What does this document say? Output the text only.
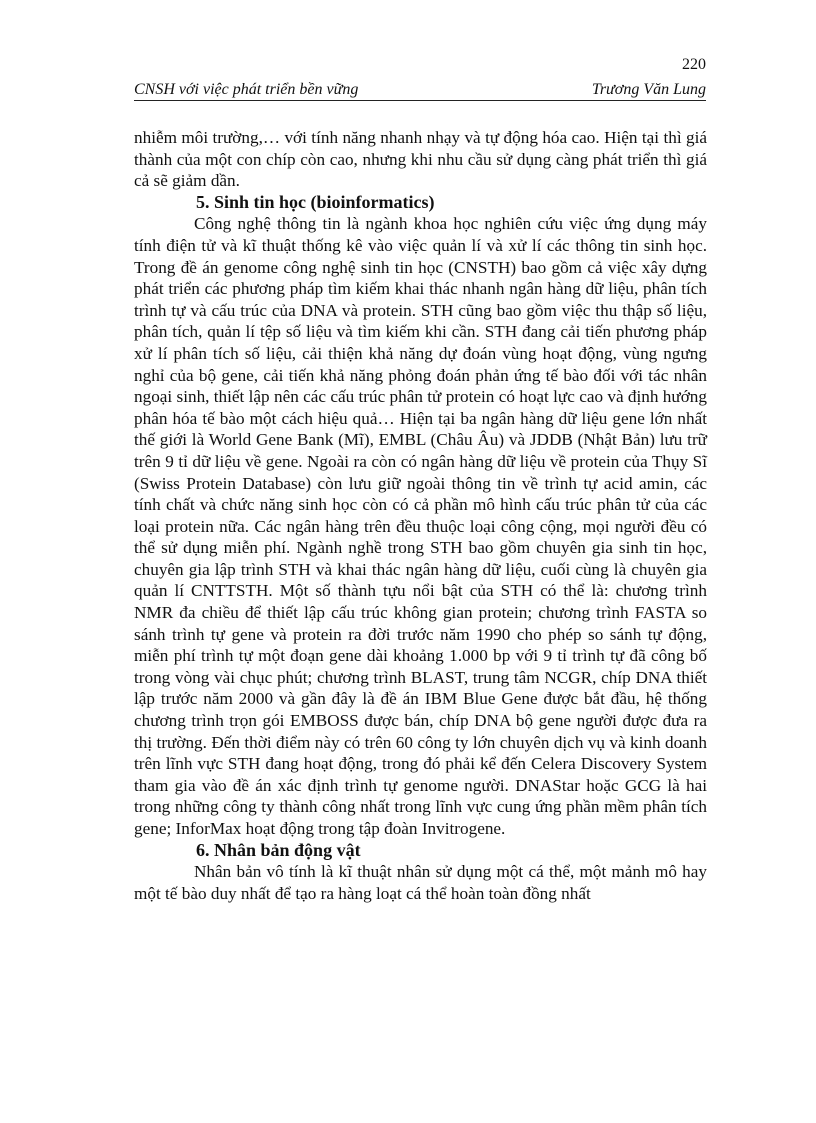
220
CNSH với việc phát triển bền vững	Trương Văn Lung

nhiễm môi trường,… với tính năng nhanh nhạy và tự động hóa cao. Hiện tại thì giá thành của một con chíp còn cao, nhưng khi nhu cầu sử dụng càng phát triển thì giá cả sẽ giảm dần.

5. Sinh tin học (bioinformatics)

Công nghệ thông tin là ngành khoa học nghiên cứu việc ứng dụng máy tính điện tử và kĩ thuật thống kê vào việc quản lí và xử lí các thông tin sinh học. Trong đề án genome công nghệ sinh tin học (CNSTH) bao gồm cả việc xây dựng phát triển các phương pháp tìm kiếm khai thác nhanh ngân hàng dữ liệu, phân tích trình tự và cấu trúc của DNA và protein. STH cũng bao gồm việc thu thập số liệu, phân tích, quản lí tệp số liệu và tìm kiếm khi cần. STH đang cải tiến phương pháp xử lí phân tích số liệu, cải thiện khả năng dự đoán vùng hoạt động, vùng ngưng nghỉ của bộ gene, cải tiến khả năng phỏng đoán phản ứng tế bào đối với tác nhân ngoại sinh, thiết lập nên các cấu trúc phân tử protein có hoạt lực cao và định hướng phân hóa tế bào một cách hiệu quả… Hiện tại ba ngân hàng dữ liệu gene lớn nhất thế giới là World Gene Bank (Mĩ), EMBL (Châu Âu) và JDDB (Nhật Bản) lưu trữ trên 9 tỉ dữ liệu về gene. Ngoài ra còn có ngân hàng dữ liệu về protein của Thụy Sĩ (Swiss Protein Database) còn lưu giữ ngoài thông tin về trình tự acid amin, các tính chất và chức năng sinh học còn có cả phần mô hình cấu trúc phân tử của các loại protein nữa. Các ngân hàng trên đều thuộc loại công cộng, mọi người đều có thể sử dụng miễn phí. Ngành nghề trong STH bao gồm chuyên gia sinh tin học, chuyên gia lập trình STH và khai thác ngân hàng dữ liệu, cuối cùng là chuyên gia quản lí CNTTSTH. Một số thành tựu nổi bật của STH có thể là: chương trình NMR đa chiều để thiết lập cấu trúc không gian protein; chương trình FASTA so sánh trình tự gene và protein ra đời trước năm 1990 cho phép so sánh tự động, miễn phí trình tự một đoạn gene dài khoảng 1.000 bp với 9 tỉ trình tự đã công bố trong vòng vài chục phút; chương trình BLAST, trung tâm NCGR, chíp DNA thiết lập trước năm 2000 và gần đây là đề án IBM Blue Gene được bắt đầu, hệ thống chương trình trọn gói EMBOSS được bán, chíp DNA bộ gene người được đưa ra thị trường. Đến thời điểm này có trên 60 công ty lớn chuyên dịch vụ và kinh doanh trên lĩnh vực STH đang hoạt động, trong đó phải kể đến Celera Discovery System tham gia vào đề án xác định trình tự genome người. DNAStar hoặc GCG là hai trong những công ty thành công nhất trong lĩnh vực cung ứng phần mềm phân tích gene; InforMax hoạt động trong tập đoàn Invitrogene.

6. Nhân bản động vật

Nhân bản vô tính là kĩ thuật nhân sử dụng một cá thể, một mảnh mô hay một tế bào duy nhất để tạo ra hàng loạt cá thể hoàn toàn đồng nhất
